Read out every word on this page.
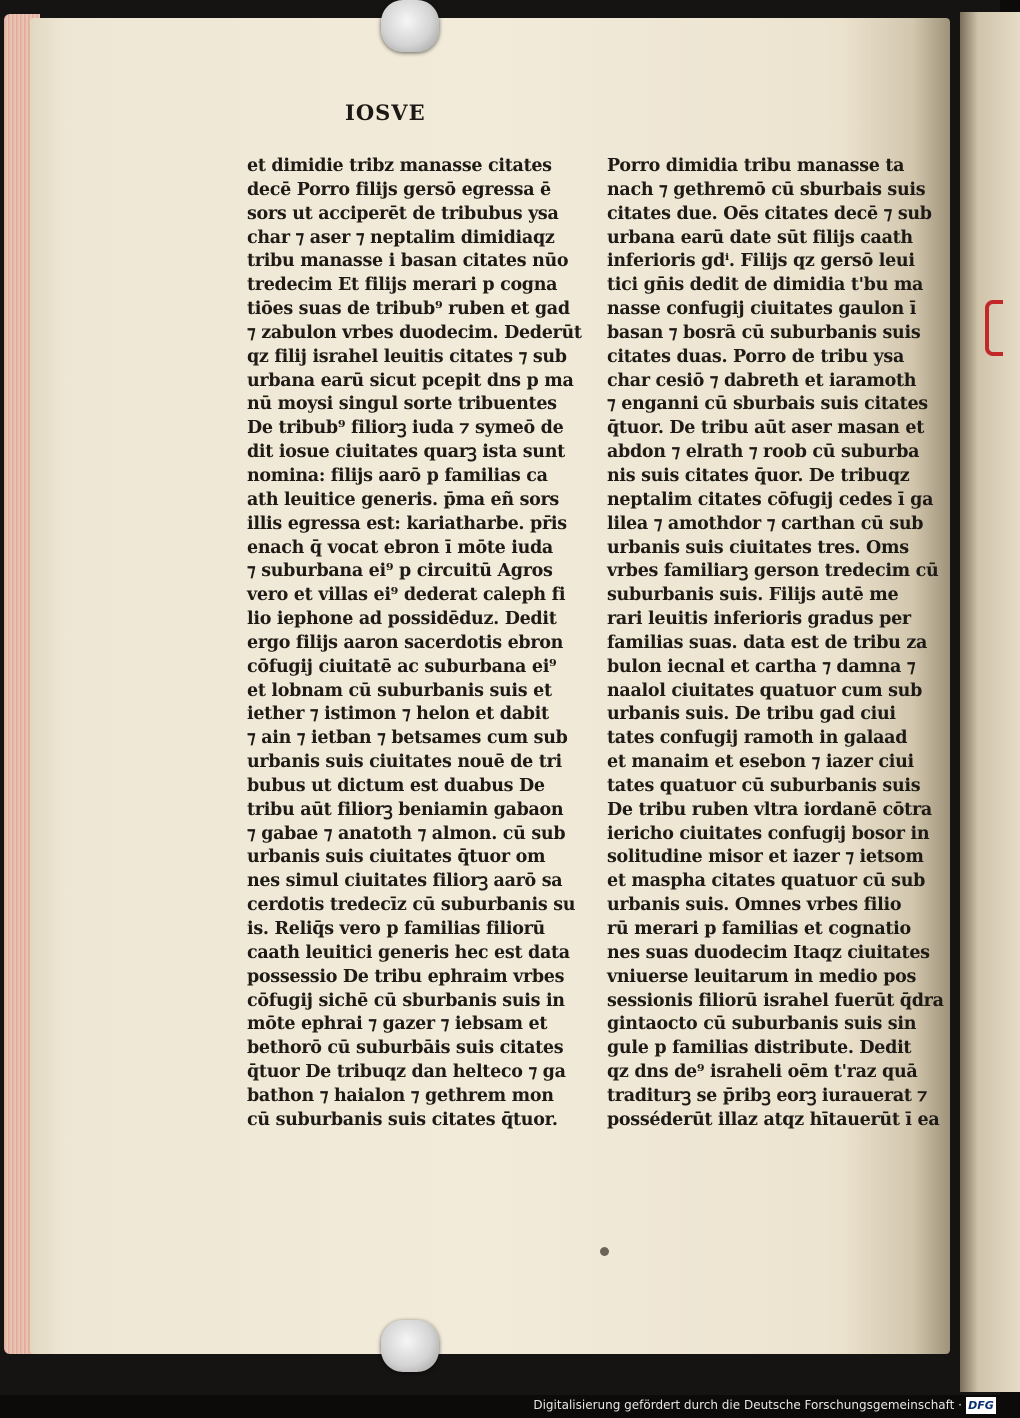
IOSVE
et dimidie tribz manasse citates
decē Porro filijs gersō egressa ē
sors ut acciperēt de tribubus ysa
char ⁊ aser ⁊ neptalim dimidiaqz
tribu manasse i basan citates nūo
tredecim Et filijs merari p cogna
tiōes suas de tribub⁹ ruben et gad
⁊ zabulon vrbes duodecim. Dederūt
qz filij israhel leuitis citates ⁊ sub
urbana earū sicut pcepit dns p ma
nū moysi singul sorte tribuentes
De tribub⁹ filiorꝫ iuda ⁊ symeō de
dit iosue ciuitates quarꝫ ista sunt
nomina: filijs aarō p familias ca
ath leuitice generis. p̄ma eñ sors
illis egressa est: kariatharbe. pr̄is
enach q̄ vocat ebron ī mōte iuda
⁊ suburbana ei⁹ p circuitū Agros
vero et villas ei⁹ dederat caleph fi
lio iephone ad possidēduz. Dedit
ergo filijs aaron sacerdotis ebron
cōfugij ciuitatē ac suburbana ei⁹
et lobnam cū suburbanis suis et
iether ⁊ istimon ⁊ helon et dabit
⁊ ain ⁊ ietban ⁊ betsames cum sub
urbanis suis ciuitates nouē de tri
bubus ut dictum est duabus De
tribu aūt filiorꝫ beniamin gabaon
⁊ gabae ⁊ anatoth ⁊ almon. cū sub
urbanis suis ciuitates q̄tuor om
nes simul ciuitates filiorꝫ aarō sa
cerdotis tredecīz cū suburbanis su
is. Reliq̄s vero p familias filiorū
caath leuitici generis hec est data
possessio De tribu ephraim vrbes
cōfugij sichē cū sburbanis suis in
mōte ephrai ⁊ gazer ⁊ iebsam et
bethorō cū suburbāis suis citates
q̄tuor De tribuqz dan helteco ⁊ ga
bathon ⁊ haialon ⁊ gethrem mon
cū suburbanis suis citates q̄tuor.
Porro dimidia tribu manasse ta
nach ⁊ gethremō cū sburbais suis
citates due. Oēs citates decē ⁊ sub
urbana earū date sūt filijs caath
inferioris gdⁱ. Filijs qz gersō leui
tici gn̄is dedit de dimidia t'bu ma
nasse confugij ciuitates gaulon ī
basan ⁊ bosrā cū suburbanis suis
citates duas. Porro de tribu ysa
char cesiō ⁊ dabreth et iaramoth
⁊ enganni cū sburbais suis citates
q̄tuor. De tribu aūt aser masan et
abdon ⁊ elrath ⁊ roob cū suburba
nis suis citates q̄uor. De tribuqz
neptalim citates cōfugij cedes ī ga
lilea ⁊ amothdor ⁊ carthan cū sub
urbanis suis ciuitates tres. Oms
vrbes familiarꝫ gerson tredecim cū
suburbanis suis. Filijs autē me
rari leuitis inferioris gradus per
familias suas. data est de tribu za
bulon iecnal et cartha ⁊ damna ⁊
naalol ciuitates quatuor cum sub
urbanis suis. De tribu gad ciui
tates confugij ramoth in galaad
et manaim et esebon ⁊ iazer ciui
tates quatuor cū suburbanis suis
De tribu ruben vltra iordanē cōtra
iericho ciuitates confugij bosor in
solitudine misor et iazer ⁊ ietsom
et maspha citates quatuor cū sub
urbanis suis. Omnes vrbes filio
rū merari p familias et cognatio
nes suas duodecim Itaqz ciuitates
vniuerse leuitarum in medio pos
sessionis filiorū israhel fuerūt q̄dra
gintaocto cū suburbanis suis sin
gule p familias distribute. Dedit
qz dns de⁹ israheli oēm t'raz quā
traditurꝫ se p̄ribꝫ eorꝫ iurauerat ⁊
posséderūt illaz atqz hītauerūt ī ea
Digitalisierung gefördert durch die Deutsche Forschungsgemeinschaft · DFG
